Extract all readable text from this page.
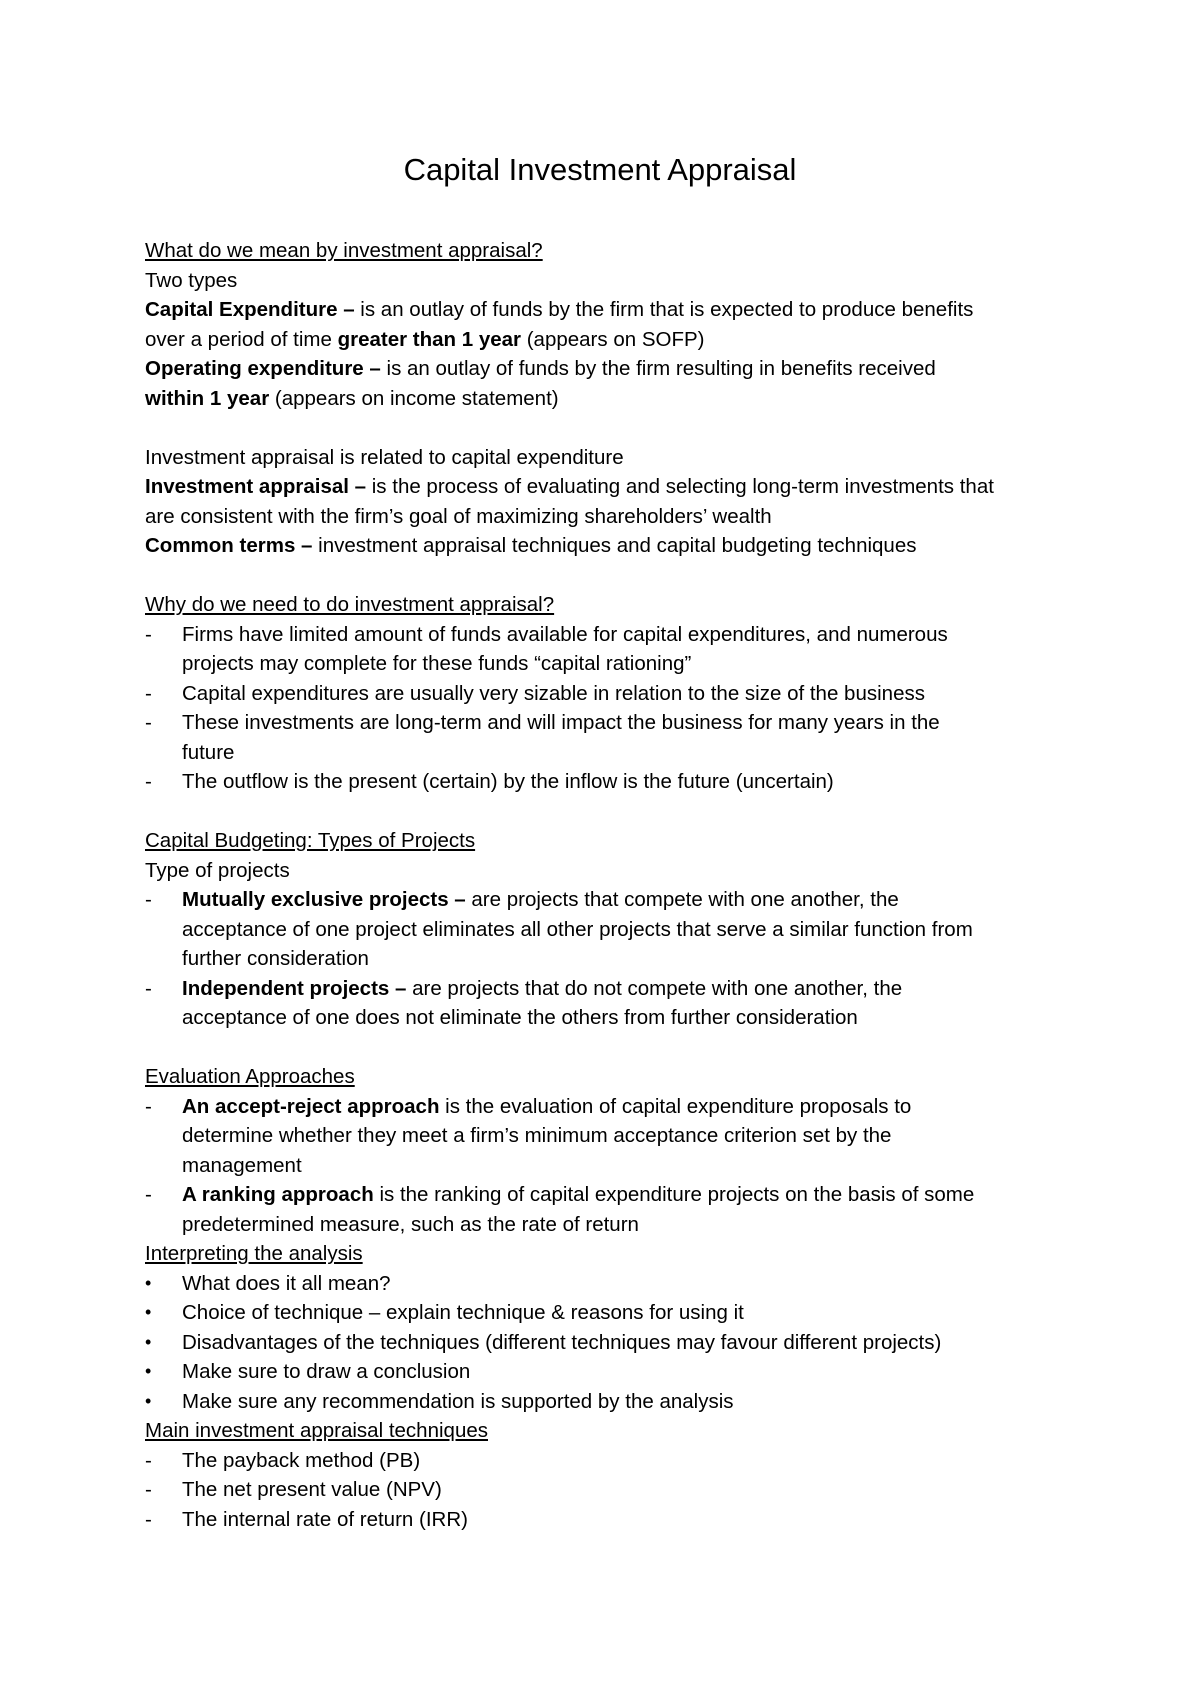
Capital Investment Appraisal
What do we mean by investment appraisal?
Two types
Capital Expenditure – is an outlay of funds by the firm that is expected to produce benefits
over a period of time greater than 1 year (appears on SOFP)
Operating expenditure – is an outlay of funds by the firm resulting in benefits received
within 1 year (appears on income statement)
Investment appraisal is related to capital expenditure
Investment appraisal – is the process of evaluating and selecting long-term investments that
are consistent with the firm’s goal of maximizing shareholders’ wealth
Common terms – investment appraisal techniques and capital budgeting techniques
Why do we need to do investment appraisal?
-	Firms have limited amount of funds available for capital expenditures, and numerous
projects may complete for these funds “capital rationing”
-	Capital expenditures are usually very sizable in relation to the size of the business
-	These investments are long-term and will impact the business for many years in the
future
-	The outflow is the present (certain) by the inflow is the future (uncertain)
Capital Budgeting: Types of Projects
Type of projects
-	Mutually exclusive projects – are projects that compete with one another, the
acceptance of one project eliminates all other projects that serve a similar function from
further consideration
-	Independent projects – are projects that do not compete with one another, the
acceptance of one does not eliminate the others from further consideration
Evaluation Approaches
-	An accept-reject approach is the evaluation of capital expenditure proposals to
determine whether they meet a firm’s minimum acceptance criterion set by the
management
-	A ranking approach is the ranking of capital expenditure projects on the basis of some
predetermined measure, such as the rate of return
Interpreting the analysis
•	What does it all mean?
•	Choice of technique – explain technique & reasons for using it
•	Disadvantages of the techniques (different techniques may favour different projects)
•	Make sure to draw a conclusion
•	Make sure any recommendation is supported by the analysis
Main investment appraisal techniques
-	The payback method (PB)
-	The net present value (NPV)
-	The internal rate of return (IRR)
